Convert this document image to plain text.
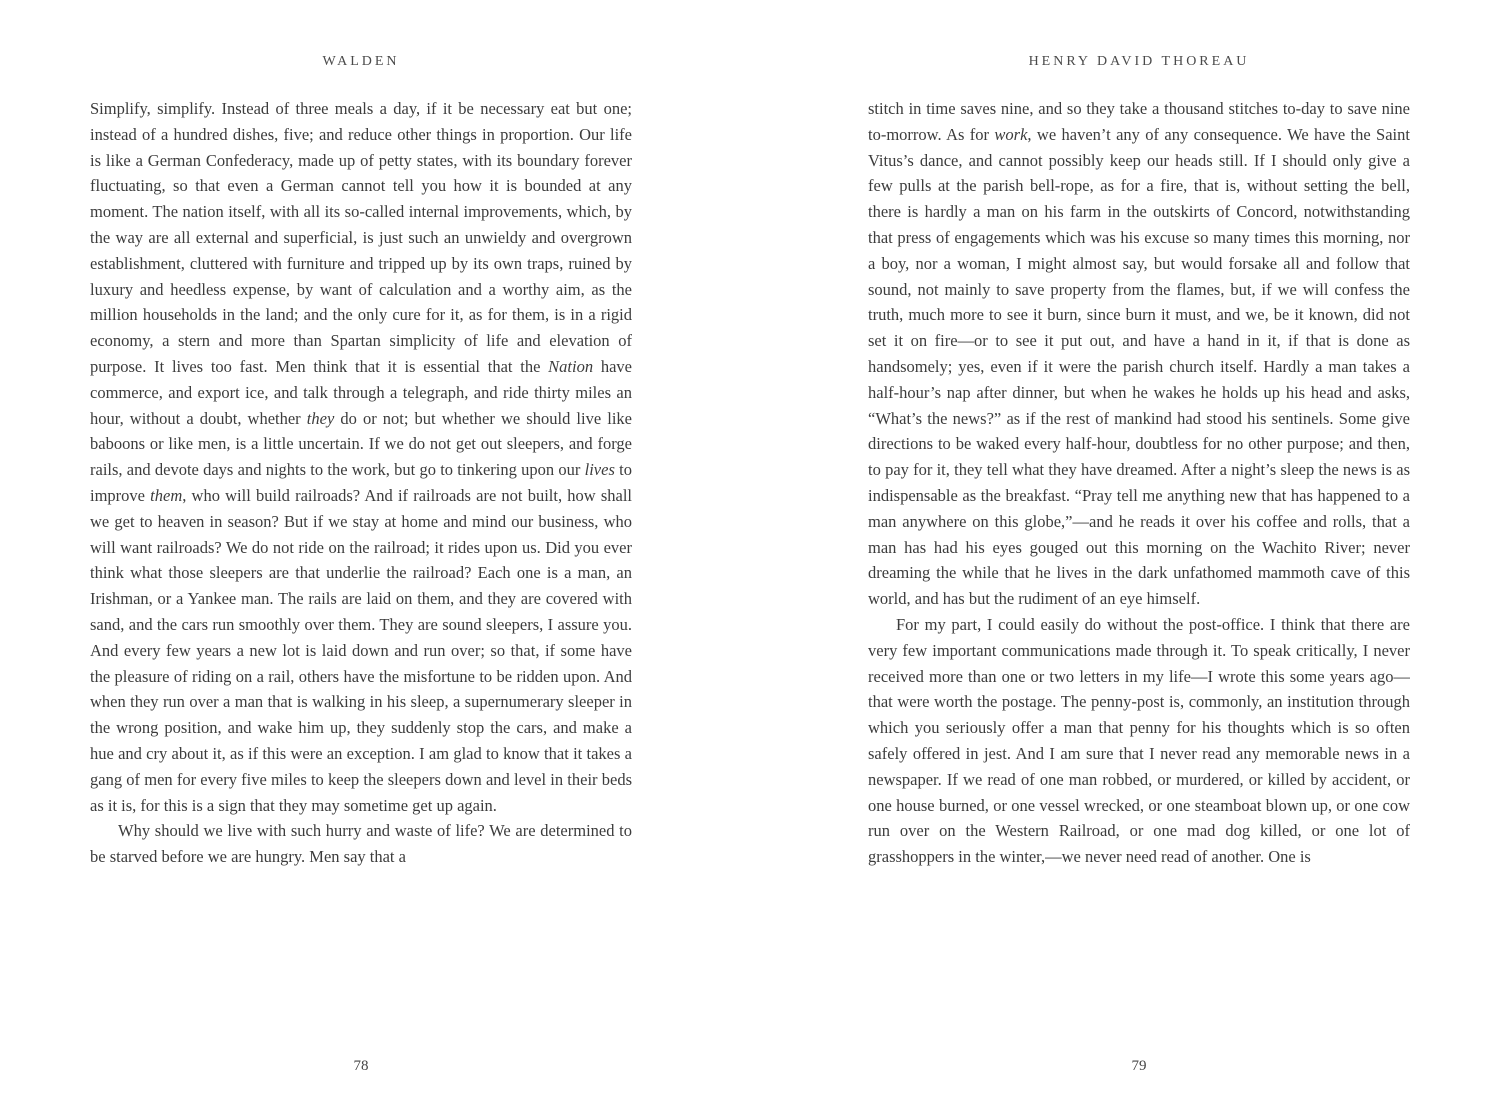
WALDEN

Simplify, simplify. Instead of three meals a day, if it be necessary eat but one; instead of a hundred dishes, five; and reduce other things in proportion. Our life is like a German Confederacy, made up of petty states, with its boundary forever fluctuating, so that even a German cannot tell you how it is bounded at any moment. The nation itself, with all its so-called internal improvements, which, by the way are all external and superficial, is just such an unwieldy and overgrown establishment, cluttered with furniture and tripped up by its own traps, ruined by luxury and heedless expense, by want of calculation and a worthy aim, as the million households in the land; and the only cure for it, as for them, is in a rigid economy, a stern and more than Spartan simplicity of life and elevation of purpose. It lives too fast. Men think that it is essential that the Nation have commerce, and export ice, and talk through a telegraph, and ride thirty miles an hour, without a doubt, whether they do or not; but whether we should live like baboons or like men, is a little uncertain. If we do not get out sleepers, and forge rails, and devote days and nights to the work, but go to tinkering upon our lives to improve them, who will build railroads? And if railroads are not built, how shall we get to heaven in season? But if we stay at home and mind our business, who will want railroads? We do not ride on the railroad; it rides upon us. Did you ever think what those sleepers are that underlie the railroad? Each one is a man, an Irishman, or a Yankee man. The rails are laid on them, and they are covered with sand, and the cars run smoothly over them. They are sound sleepers, I assure you. And every few years a new lot is laid down and run over; so that, if some have the pleasure of riding on a rail, others have the misfortune to be ridden upon. And when they run over a man that is walking in his sleep, a supernumerary sleeper in the wrong position, and wake him up, they suddenly stop the cars, and make a hue and cry about it, as if this were an exception. I am glad to know that it takes a gang of men for every five miles to keep the sleepers down and level in their beds as it is, for this is a sign that they may sometime get up again.

Why should we live with such hurry and waste of life? We are determined to be starved before we are hungry. Men say that a

78
HENRY DAVID THOREAU

stitch in time saves nine, and so they take a thousand stitches to-day to save nine to-morrow. As for work, we haven’t any of any consequence. We have the Saint Vitus’s dance, and cannot possibly keep our heads still. If I should only give a few pulls at the parish bell-rope, as for a fire, that is, without setting the bell, there is hardly a man on his farm in the outskirts of Concord, notwithstanding that press of engagements which was his excuse so many times this morning, nor a boy, nor a woman, I might almost say, but would forsake all and follow that sound, not mainly to save property from the flames, but, if we will confess the truth, much more to see it burn, since burn it must, and we, be it known, did not set it on fire—or to see it put out, and have a hand in it, if that is done as handsomely; yes, even if it were the parish church itself. Hardly a man takes a half-hour’s nap after dinner, but when he wakes he holds up his head and asks, “What’s the news?” as if the rest of mankind had stood his sentinels. Some give directions to be waked every half-hour, doubtless for no other purpose; and then, to pay for it, they tell what they have dreamed. After a night’s sleep the news is as indispensable as the breakfast. “Pray tell me anything new that has happened to a man anywhere on this globe,”—and he reads it over his coffee and rolls, that a man has had his eyes gouged out this morning on the Wachito River; never dreaming the while that he lives in the dark unfathomed mammoth cave of this world, and has but the rudiment of an eye himself.

For my part, I could easily do without the post-office. I think that there are very few important communications made through it. To speak critically, I never received more than one or two letters in my life—I wrote this some years ago—that were worth the postage. The penny-post is, commonly, an institution through which you seriously offer a man that penny for his thoughts which is so often safely offered in jest. And I am sure that I never read any memorable news in a newspaper. If we read of one man robbed, or murdered, or killed by accident, or one house burned, or one vessel wrecked, or one steamboat blown up, or one cow run over on the Western Railroad, or one mad dog killed, or one lot of grasshoppers in the winter,—we never need read of another. One is

79
